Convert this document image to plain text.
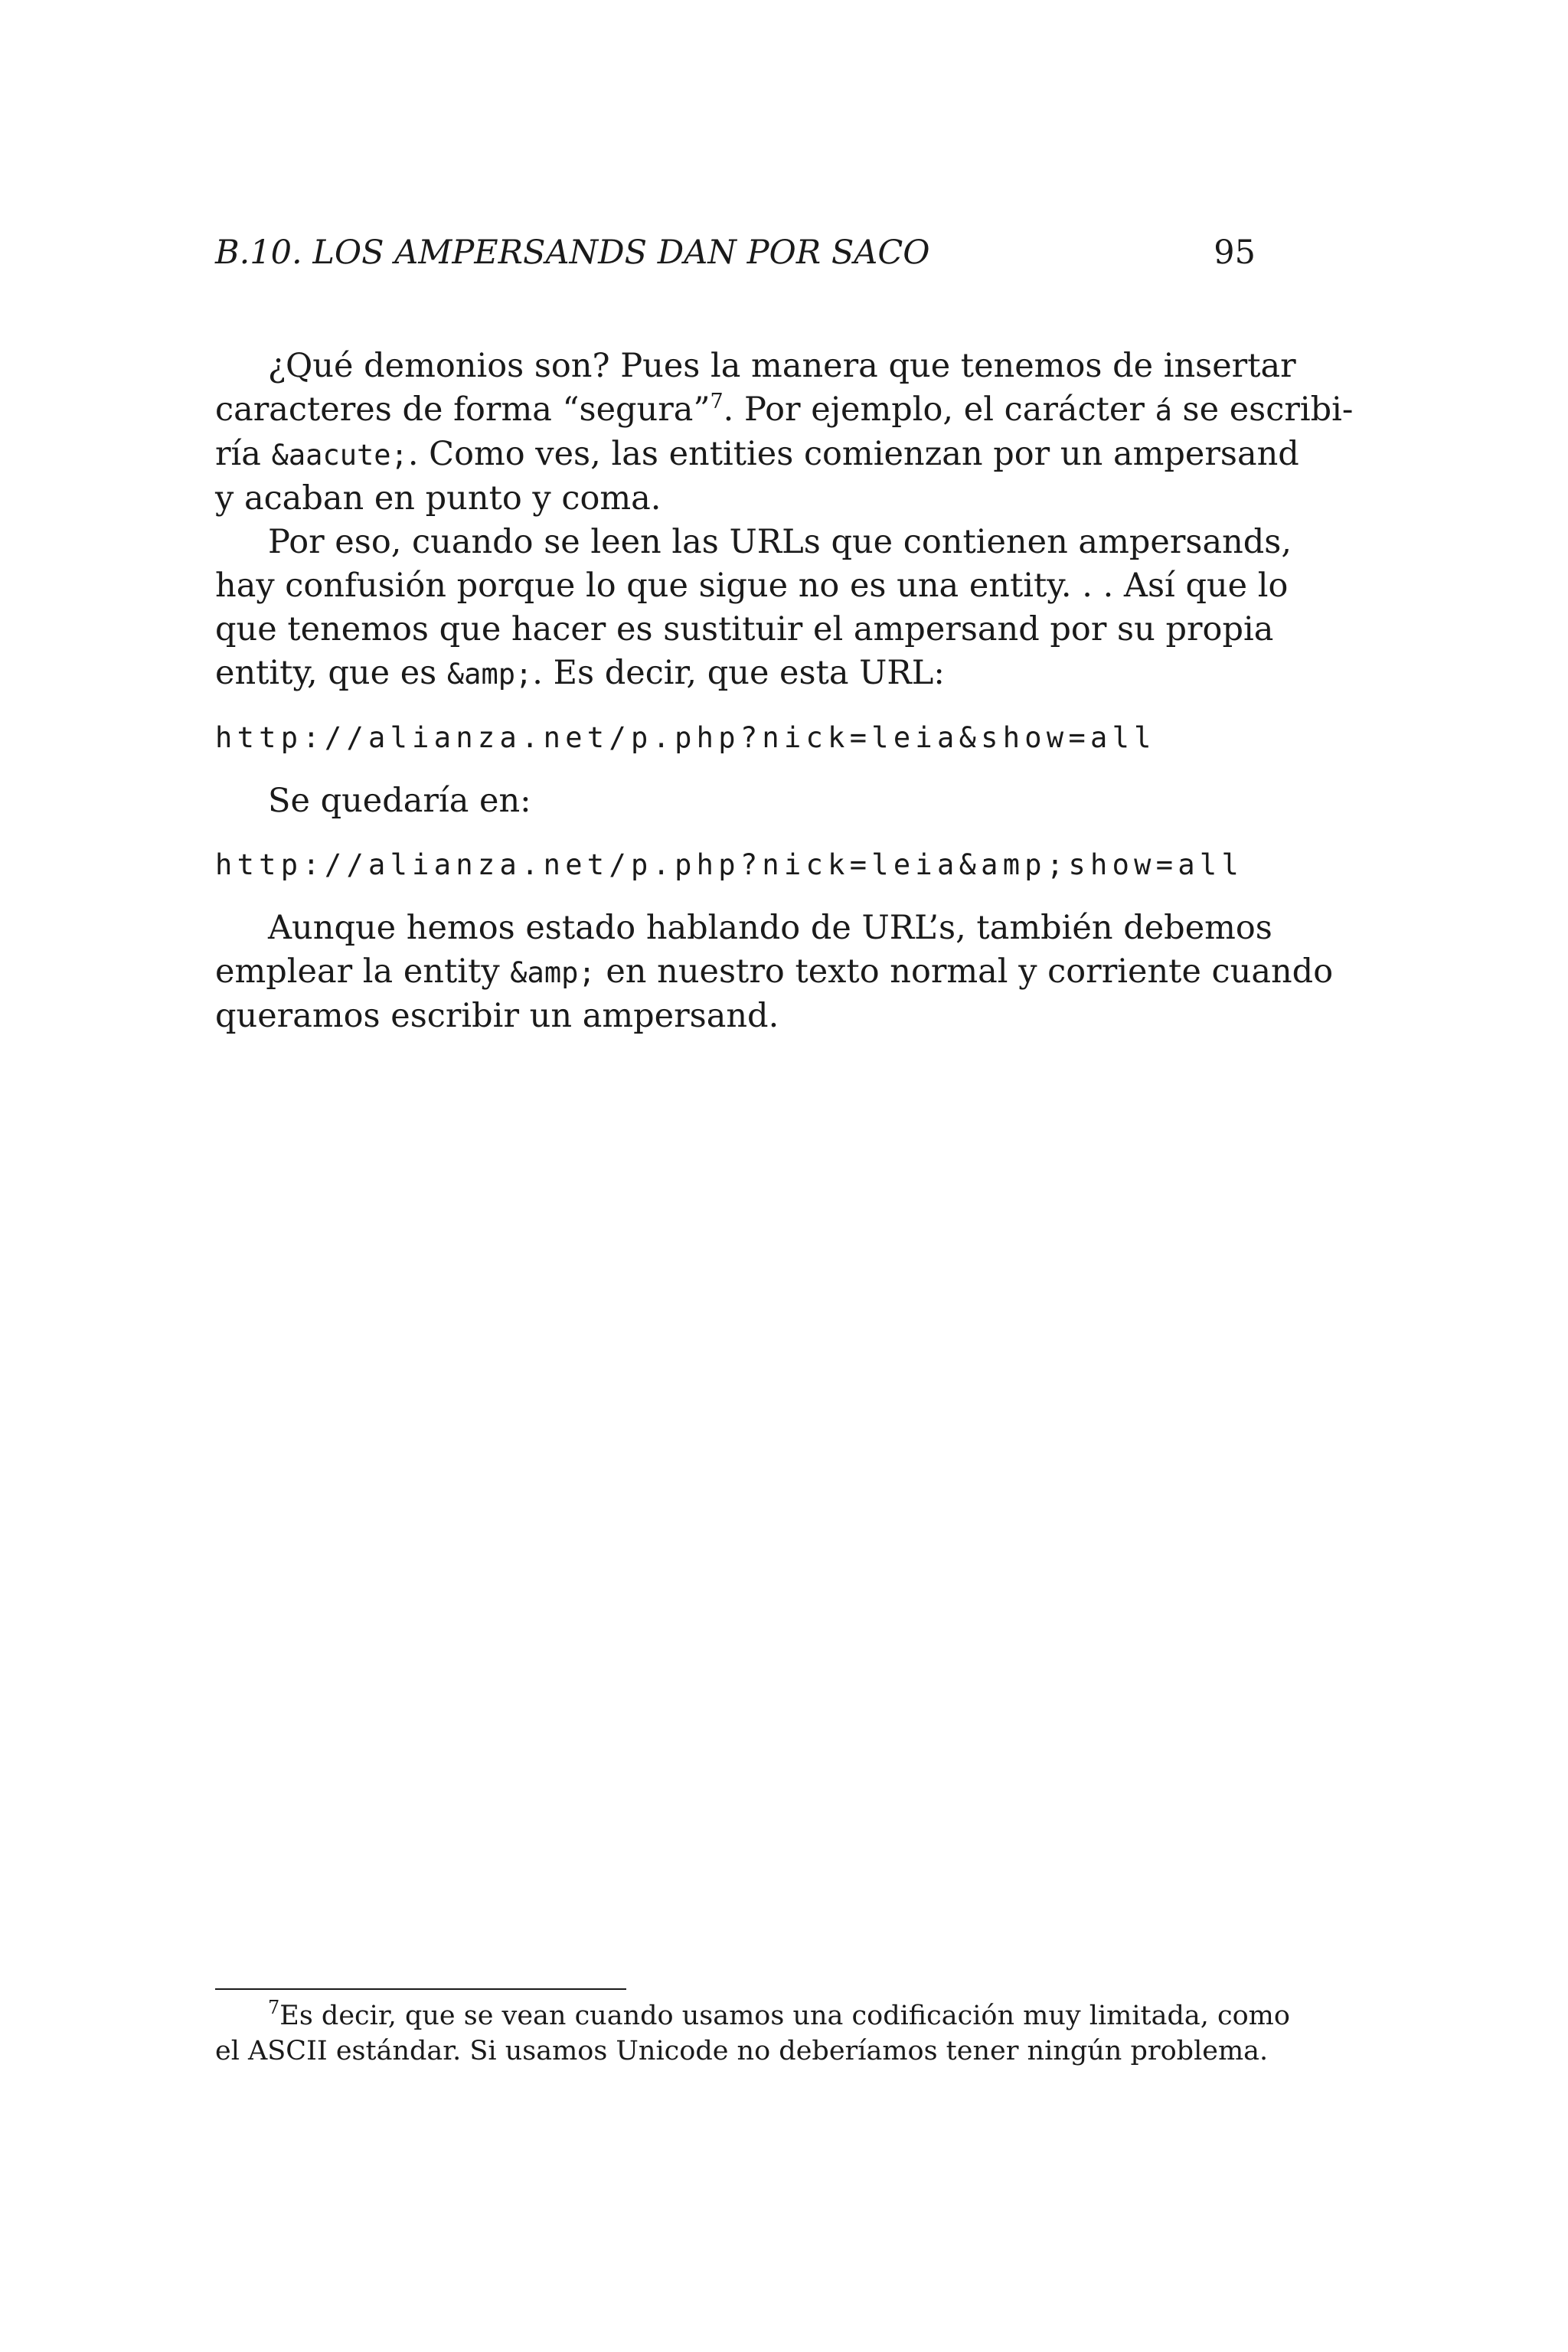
B.10. LOS AMPERSANDS DAN POR SACO	95
¿Qué demonios son? Pues la manera que tenemos de insertar
caracteres de forma “segura”$^7$. Por ejemplo, el carácter á se escribi-
ría &aacute;. Como ves, las entities comienzan por un ampersand
y acaban en punto y coma.
Por eso, cuando se leen las URLs que contienen ampersands,
hay confusión porque lo que sigue no es una entity. . . Así que lo
que tenemos que hacer es sustituir el ampersand por su propia
entity, que es &amp;. Es decir, que esta URL:
http://alianza.net/p.php?nick=leia&show=all
Se quedaría en:
http://alianza.net/p.php?nick=leia&amp;show=all
Aunque hemos estado hablando de URL’s, también debemos
emplear la entity &amp; en nuestro texto normal y corriente cuando
queramos escribir un ampersand.
$^7$Es decir, que se vean cuando usamos una codificación muy limitada, como
el ASCII estándar. Si usamos Unicode no deberíamos tener ningún problema.
